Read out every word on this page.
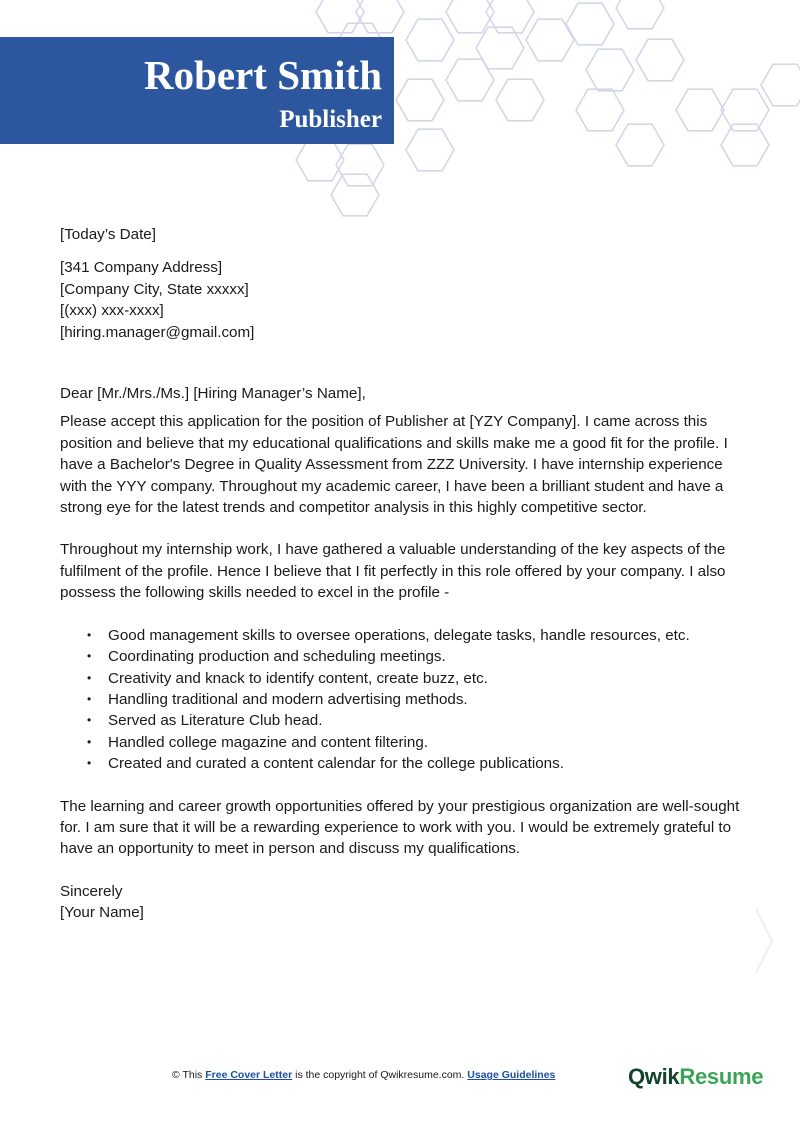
Robert Smith
Publisher

[Today’s Date]

[341 Company Address]
[Company City, State xxxxx]
[(xxx) xxx-xxxx]
[hiring.manager@gmail.com]

Dear [Mr./Mrs./Ms.] [Hiring Manager’s Name],

Please accept this application for the position of Publisher at [YZY Company]. I came across this position and believe that my educational qualifications and skills make me a good fit for the profile. I have a Bachelor's Degree in Quality Assessment from ZZZ University. I have internship experience with the YYY company. Throughout my academic career, I have been a brilliant student and have a strong eye for the latest trends and competitor analysis in this highly competitive sector.

Throughout my internship work, I have gathered a valuable understanding of the key aspects of the fulfilment of the profile. Hence I believe that I fit perfectly in this role offered by your company. I also possess the following skills needed to excel in the profile -

• Good management skills to oversee operations, delegate tasks, handle resources, etc.
• Coordinating production and scheduling meetings.
• Creativity and knack to identify content, create buzz, etc.
• Handling traditional and modern advertising methods.
• Served as Literature Club head.
• Handled college magazine and content filtering.
• Created and curated a content calendar for the college publications.

The learning and career growth opportunities offered by your prestigious organization are well-sought for. I am sure that it will be a rewarding experience to work with you. I would be extremely grateful to have an opportunity to meet in person and discuss my qualifications.

Sincerely

[Your Name]

© This Free Cover Letter is the copyright of Qwikresume.com. Usage Guidelines	QwikResume
